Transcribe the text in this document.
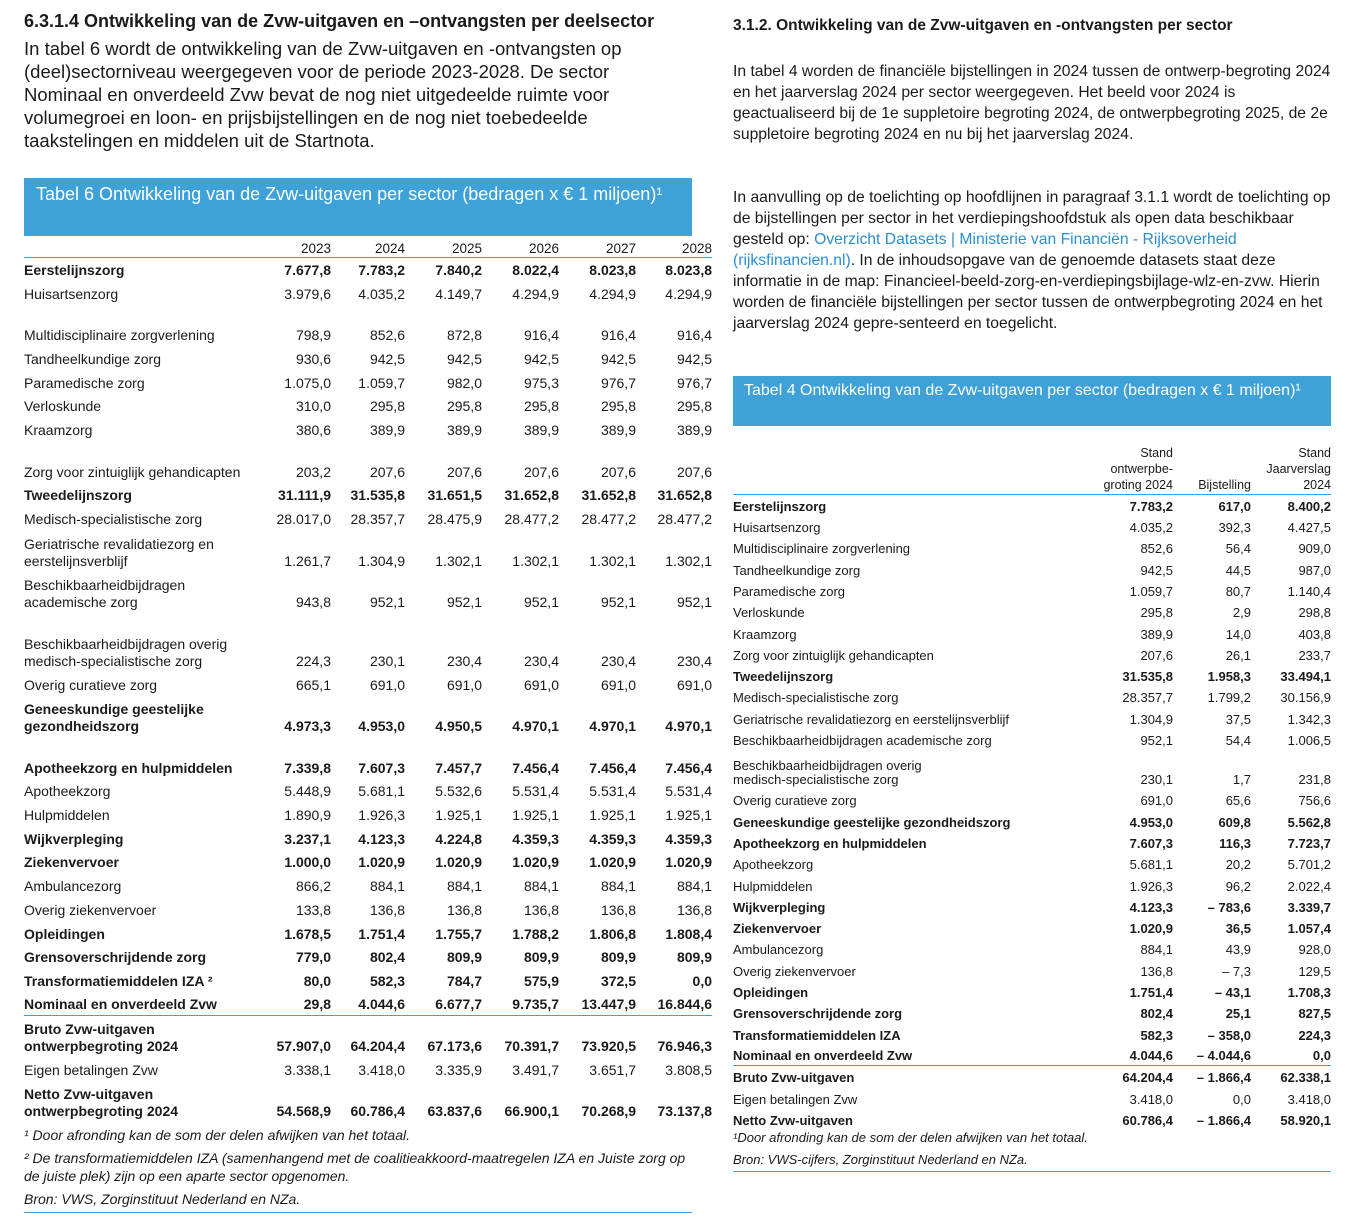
6.3.1.4 Ontwikkeling van de Zvw-uitgaven en –ontvangsten per deelsector

In tabel 6 wordt de ontwikkeling van de Zvw-uitgaven en -ontvangsten op (deel)sectorniveau weergegeven voor de periode 2023-2028. De sector Nominaal en onverdeeld Zvw bevat de nog niet uitgedeelde ruimte voor volumegroei en loon- en prijsbijstellingen en de nog niet toebedeelde taakstelingen en middelen uit de Startnota.

Tabel 6 Ontwikkeling van de Zvw-uitgaven per sector (bedragen x € 1 miljoen)¹
	2023	2024	2025	2026	2027	2028
Eerstelijnszorg	7.677,8	7.783,2	7.840,2	8.022,4	8.023,8	8.023,8
Huisartsenzorg	3.979,6	4.035,2	4.149,7	4.294,9	4.294,9	4.294,9
Multidisciplinaire zorgverlening	798,9	852,6	872,8	916,4	916,4	916,4
Tandheelkundige zorg	930,6	942,5	942,5	942,5	942,5	942,5
Paramedische zorg	1.075,0	1.059,7	982,0	975,3	976,7	976,7
Verloskunde	310,0	295,8	295,8	295,8	295,8	295,8
Kraamzorg	380,6	389,9	389,9	389,9	389,9	389,9
Zorg voor zintuiglijk gehandicapten	203,2	207,6	207,6	207,6	207,6	207,6
Tweedelijnszorg	31.111,9	31.535,8	31.651,5	31.652,8	31.652,8	31.652,8
Medisch-specialistische zorg	28.017,0	28.357,7	28.475,9	28.477,2	28.477,2	28.477,2
Geriatrische revalidatiezorg en eerstelijnsverblijf	1.261,7	1.304,9	1.302,1	1.302,1	1.302,1	1.302,1
Beschikbaarheidbijdragen academische zorg	943,8	952,1	952,1	952,1	952,1	952,1
Beschikbaarheidbijdragen overig medisch-specialistische zorg	224,3	230,1	230,4	230,4	230,4	230,4
Overig curatieve zorg	665,1	691,0	691,0	691,0	691,0	691,0
Geneeskundige geestelijke gezondheidszorg	4.973,3	4.953,0	4.950,5	4.970,1	4.970,1	4.970,1
Apotheekzorg en hulpmiddelen	7.339,8	7.607,3	7.457,7	7.456,4	7.456,4	7.456,4
Apotheekzorg	5.448,9	5.681,1	5.532,6	5.531,4	5.531,4	5.531,4
Hulpmiddelen	1.890,9	1.926,3	1.925,1	1.925,1	1.925,1	1.925,1
Wijkverpleging	3.237,1	4.123,3	4.224,8	4.359,3	4.359,3	4.359,3
Ziekenvervoer	1.000,0	1.020,9	1.020,9	1.020,9	1.020,9	1.020,9
Ambulancezorg	866,2	884,1	884,1	884,1	884,1	884,1
Overig ziekenvervoer	133,8	136,8	136,8	136,8	136,8	136,8
Opleidingen	1.678,5	1.751,4	1.755,7	1.788,2	1.806,8	1.808,4
Grensoverschrijdende zorg	779,0	802,4	809,9	809,9	809,9	809,9
Transformatiemiddelen IZA ²	80,0	582,3	784,7	575,9	372,5	0,0
Nominaal en onverdeeld Zvw	29,8	4.044,6	6.677,7	9.735,7	13.447,9	16.844,6
Bruto Zvw-uitgaven ontwerpbegroting 2024	57.907,0	64.204,4	67.173,6	70.391,7	73.920,5	76.946,3
Eigen betalingen Zvw	3.338,1	3.418,0	3.335,9	3.491,7	3.651,7	3.808,5
Netto Zvw-uitgaven ontwerpbegroting 2024	54.568,9	60.786,4	63.837,6	66.900,1	70.268,9	73.137,8

¹ Door afronding kan de som der delen afwijken van het totaal.

² De transformatiemiddelen IZA (samenhangend met de coalitieakkoord-maatregelen IZA en Juiste zorg op de juiste plek) zijn op een aparte sector opgenomen.

Bron: VWS, Zorginstituut Nederland en NZa.

3.1.2. Ontwikkeling van de Zvw-uitgaven en -ontvangsten per sector

In tabel 4 worden de financiële bijstellingen in 2024 tussen de ontwerp-begroting 2024 en het jaarverslag 2024 per sector weergegeven. Het beeld voor 2024 is geactualiseerd bij de 1e suppletoire begroting 2024, de ontwerpbegroting 2025, de 2e suppletoire begroting 2024 en nu bij het jaarverslag 2024.

In aanvulling op de toelichting op hoofdlijnen in paragraaf 3.1.1 wordt de toelichting op de bijstellingen per sector in het verdiepingshoofdstuk als open data beschikbaar gesteld op: Overzicht Datasets | Ministerie van Financiën - Rijksoverheid (rijksfinancien.nl). In de inhoudsopgave van de genoemde datasets staat deze informatie in de map: Financieel-beeld-zorg-en-verdiepingsbijlage-wlz-en-zvw. Hierin worden de financiële bijstellingen per sector tussen de ontwerpbegroting 2024 en het jaarverslag 2024 gepre-senteerd en toegelicht.

Tabel 4 Ontwikkeling van de Zvw-uitgaven per sector (bedragen x € 1 miljoen)¹
	Stand ontwerpbe-groting 2024	Bijstelling	Stand Jaarverslag 2024
Eerstelijnszorg	7.783,2	617,0	8.400,2
Huisartsenzorg	4.035,2	392,3	4.427,5
Multidisciplinaire zorgverlening	852,6	56,4	909,0
Tandheelkundige zorg	942,5	44,5	987,0
Paramedische zorg	1.059,7	80,7	1.140,4
Verloskunde	295,8	2,9	298,8
Kraamzorg	389,9	14,0	403,8
Zorg voor zintuiglijk gehandicapten	207,6	26,1	233,7
Tweedelijnszorg	31.535,8	1.958,3	33.494,1
Medisch-specialistische zorg	28.357,7	1.799,2	30.156,9
Geriatrische revalidatiezorg en eerstelijnsverblijf	1.304,9	37,5	1.342,3
Beschikbaarheidbijdragen academische zorg	952,1	54,4	1.006,5
Beschikbaarheidbijdragen overig medisch-specialistische zorg	230,1	1,7	231,8
Overig curatieve zorg	691,0	65,6	756,6
Geneeskundige geestelijke gezondheidszorg	4.953,0	609,8	5.562,8
Apotheekzorg en hulpmiddelen	7.607,3	116,3	7.723,7
Apotheekzorg	5.681,1	20,2	5.701,2
Hulpmiddelen	1.926,3	96,2	2.022,4
Wijkverpleging	4.123,3	– 783,6	3.339,7
Ziekenvervoer	1.020,9	36,5	1.057,4
Ambulancezorg	884,1	43,9	928,0
Overig ziekenvervoer	136,8	– 7,3	129,5
Opleidingen	1.751,4	– 43,1	1.708,3
Grensoverschrijdende zorg	802,4	25,1	827,5
Transformatiemiddelen IZA	582,3	– 358,0	224,3
Nominaal en onverdeeld Zvw	4.044,6	– 4.044,6	0,0
Bruto Zvw-uitgaven	64.204,4	– 1.866,4	62.338,1
Eigen betalingen Zvw	3.418,0	0,0	3.418,0
Netto Zvw-uitgaven	60.786,4	– 1.866,4	58.920,1

¹Door afronding kan de som der delen afwijken van het totaal.

Bron: VWS-cijfers, Zorginstituut Nederland en NZa.
